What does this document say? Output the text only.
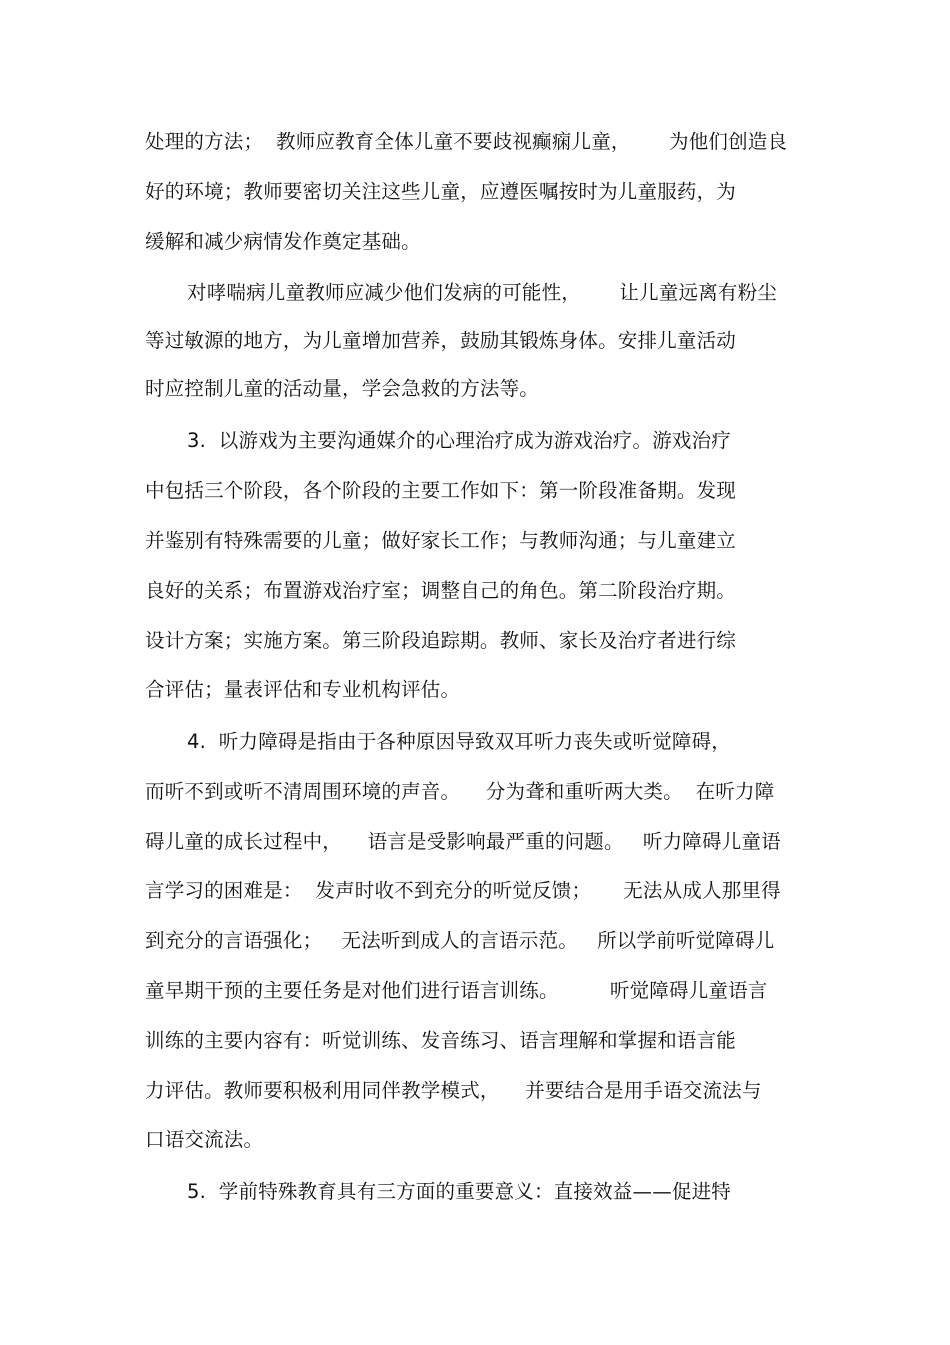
处理的方法；  教师应教育全体儿童不要歧视癫痫儿童，      为他们创造良
好的环境；教师要密切关注这些儿童，应遵医嘱按时为儿童服药，为
缓解和减少病情发作奠定基础。
对哮喘病儿童教师应减少他们发病的可能性，      让儿童远离有粉尘
等过敏源的地方，为儿童增加营养，鼓励其锻炼身体。安排儿童活动
时应控制儿童的活动量，学会急救的方法等。
3.  以游戏为主要沟通媒介的心理治疗成为游戏治疗。游戏治疗
中包括三个阶段，各个阶段的主要工作如下：第一阶段准备期。发现
并鉴别有特殊需要的儿童；做好家长工作；与教师沟通；与儿童建立
良好的关系；布置游戏治疗室；调整自己的角色。第二阶段治疗期。
设计方案；实施方案。第三阶段追踪期。教师、家长及治疗者进行综
合评估；量表评估和专业机构评估。
4.  听力障碍是指由于各种原因导致双耳听力丧失或听觉障碍，
而听不到或听不清周围环境的声音。    分为聋和重听两大类。  在听力障
碍儿童的成长过程中，    语言是受影响最严重的问题。   听力障碍儿童语
言学习的困难是：  发声时收不到充分的听觉反馈；     无法从成人那里得
到充分的言语强化；   无法听到成人的言语示范。   所以学前听觉障碍儿
童早期干预的主要任务是对他们进行语言训练。        听觉障碍儿童语言
训练的主要内容有：听觉训练、发音练习、语言理解和掌握和语言能
力评估。教师要积极利用同伴教学模式，    并要结合是用手语交流法与
口语交流法。
5.  学前特殊教育具有三方面的重要意义：直接效益——促进特
